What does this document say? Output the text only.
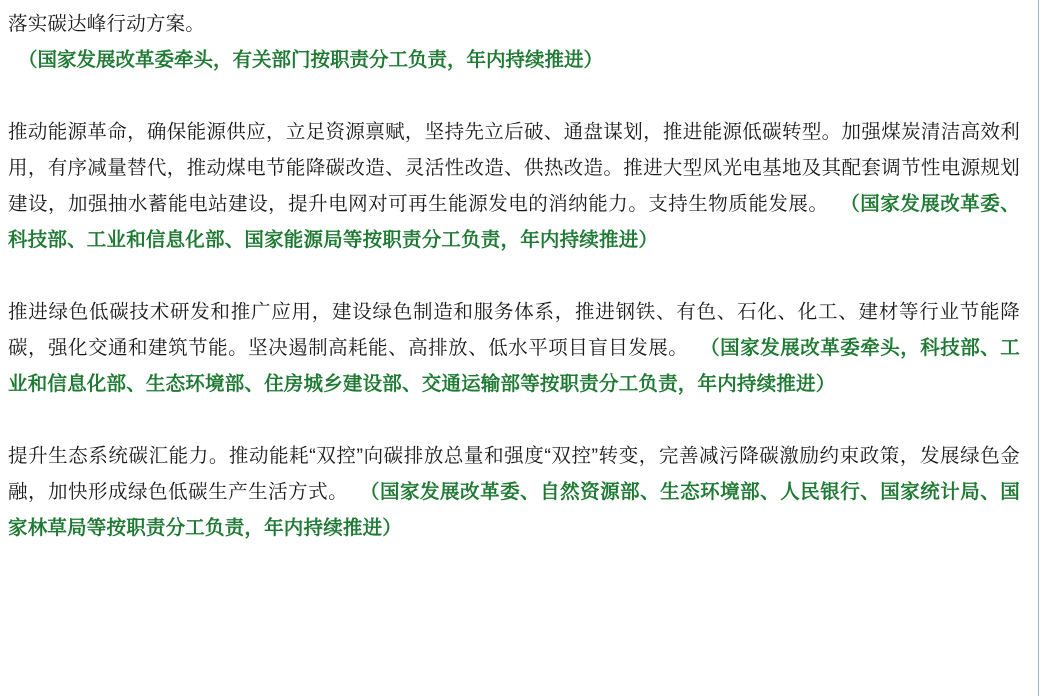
落实碳达峰行动方案。

（国家发展改革委牵头，有关部门按职责分工负责，年内持续推进）

推动能源革命，确保能源供应，立足资源禀赋，坚持先立后破、通盘谋划，推进能源低碳转型。加强煤炭清洁高效利用，有序减量替代，推动煤电节能降碳改造、灵活性改造、供热改造。推进大型风光电基地及其配套调节性电源规划建设，加强抽水蓄能电站建设，提升电网对可再生能源发电的消纳能力。支持生物质能发展。 （国家发展改革委、科技部、工业和信息化部、国家能源局等按职责分工负责，年内持续推进）

推进绿色低碳技术研发和推广应用，建设绿色制造和服务体系，推进钢铁、有色、石化、化工、建材等行业节能降碳，强化交通和建筑节能。坚决遏制高耗能、高排放、低水平项目盲目发展。 （国家发展改革委牵头，科技部、工业和信息化部、生态环境部、住房城乡建设部、交通运输部等按职责分工负责，年内持续推进）

提升生态系统碳汇能力。推动能耗“双控”向碳排放总量和强度“双控”转变，完善减污降碳激励约束政策，发展绿色金融，加快形成绿色低碳生产生活方式。 （国家发展改革委、自然资源部、生态环境部、人民银行、国家统计局、国家林草局等按职责分工负责，年内持续推进）
